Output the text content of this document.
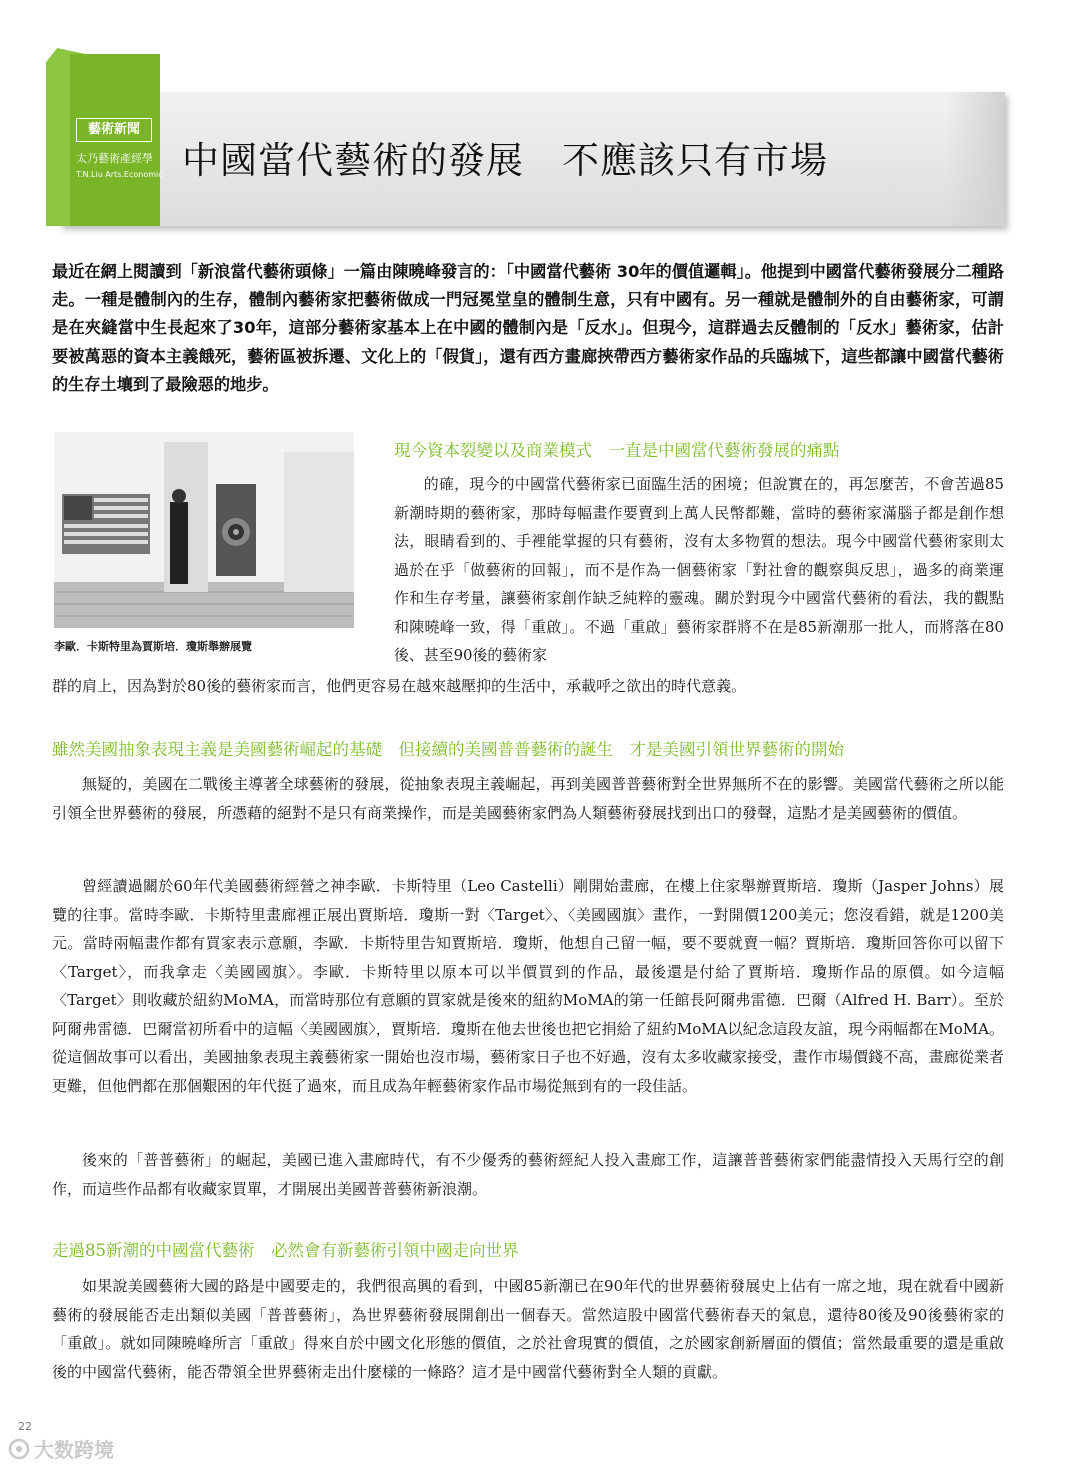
藝術新聞
太乃藝術產經學
T.N.Liu Arts.Economic 中國當代藝術的發展　不應該只有市場
最近在網上閱讀到「新浪當代藝術頭條」一篇由陳曉峰發言的：「中國當代藝術 30年的價值邏輯」。他提到中國當代藝術發展分二種路走。一種是體制內的生存，體制內藝術家把藝術做成一門冠冕堂皇的體制生意，只有中國有。另一種就是體制外的自由藝術家，可謂是在夾縫當中生長起來了30年，這部分藝術家基本上在中國的體制內是「反水」。但現今，這群過去反體制的「反水」藝術家，估計要被萬惡的資本主義餓死，藝術區被拆遷、文化上的「假貨」，還有西方畫廊挾帶西方藝術家作品的兵臨城下，這些都讓中國當代藝術的生存土壤到了最險惡的地步。
李歐．卡斯特里為賈斯培．瓊斯舉辦展覽
現今資本裂變以及商業模式　一直是中國當代藝術發展的痛點
的確，現今的中國當代藝術家已面臨生活的困境；但說實在的，再怎麼苦，不會苦過85新潮時期的藝術家，那時每幅畫作要賣到上萬人民幣都難，當時的藝術家滿腦子都是創作想法，眼睛看到的、手裡能掌握的只有藝術，沒有太多物質的想法。現今中國當代藝術家則太過於在乎「做藝術的回報」，而不是作為一個藝術家「對社會的觀察與反思」，過多的商業運作和生存考量，讓藝術家創作缺乏純粹的靈魂。關於對現今中國當代藝術的看法，我的觀點和陳曉峰一致，得「重啟」。不過「重啟」藝術家群將不在是85新潮那一批人，而將落在80後、甚至90後的藝術家
群的肩上，因為對於80後的藝術家而言，他們更容易在越來越壓抑的生活中，承載呼之欲出的時代意義。
雖然美國抽象表現主義是美國藝術崛起的基礎　但接續的美國普普藝術的誕生　才是美國引領世界藝術的開始
無疑的，美國在二戰後主導著全球藝術的發展，從抽象表現主義崛起，再到美國普普藝術對全世界無所不在的影響。美國當代藝術之所以能引領全世界藝術的發展，所憑藉的絕對不是只有商業操作，而是美國藝術家們為人類藝術發展找到出口的發聲，這點才是美國藝術的價值。
曾經讀過關於60年代美國藝術經營之神李歐．卡斯特里（Leo Castelli）剛開始畫廊，在樓上住家舉辦賈斯培．瓊斯（Jasper Johns）展覽的往事。當時李歐．卡斯特里畫廊裡正展出賈斯培．瓊斯一對〈Target〉、〈美國國旗〉畫作，一對開價1200美元；您沒看錯，就是1200美元。當時兩幅畫作都有買家表示意願，李歐．卡斯特里告知賈斯培．瓊斯，他想自己留一幅，要不要就賣一幅？賈斯培．瓊斯回答你可以留下〈Target〉，而我拿走〈美國國旗〉。李歐．卡斯特里以原本可以半價買到的作品，最後還是付給了賈斯培．瓊斯作品的原價。如今這幅〈Target〉則收藏於紐約MoMA，而當時那位有意願的買家就是後來的紐約MoMA的第一任館長阿爾弗雷德．巴爾（Alfred H. Barr）。至於阿爾弗雷德．巴爾當初所看中的這幅〈美國國旗〉，賈斯培．瓊斯在他去世後也把它捐給了紐約MoMA以紀念這段友誼，現今兩幅都在MoMA。從這個故事可以看出，美國抽象表現主義藝術家一開始也沒市場，藝術家日子也不好過，沒有太多收藏家接受，畫作市場價錢不高，畫廊從業者更難，但他們都在那個艱困的年代挺了過來，而且成為年輕藝術家作品市場從無到有的一段佳話。
後來的「普普藝術」的崛起，美國已進入畫廊時代，有不少優秀的藝術經紀人投入畫廊工作，這讓普普藝術家們能盡情投入天馬行空的創作，而這些作品都有收藏家買單，才開展出美國普普藝術新浪潮。
走過85新潮的中國當代藝術　必然會有新藝術引領中國走向世界
如果說美國藝術大國的路是中國要走的，我們很高興的看到，中國85新潮已在90年代的世界藝術發展史上佔有一席之地，現在就看中國新藝術的發展能否走出類似美國「普普藝術」，為世界藝術發展開創出一個春天。當然這股中國當代藝術春天的氣息，還待80後及90後藝術家的「重啟」。就如同陳曉峰所言「重啟」得來自於中國文化形態的價值，之於社會現實的價值，之於國家創新層面的價值；當然最重要的還是重啟後的中國當代藝術，能否帶領全世界藝術走出什麼樣的一條路？這才是中國當代藝術對全人類的貢獻。
22
大数跨境
